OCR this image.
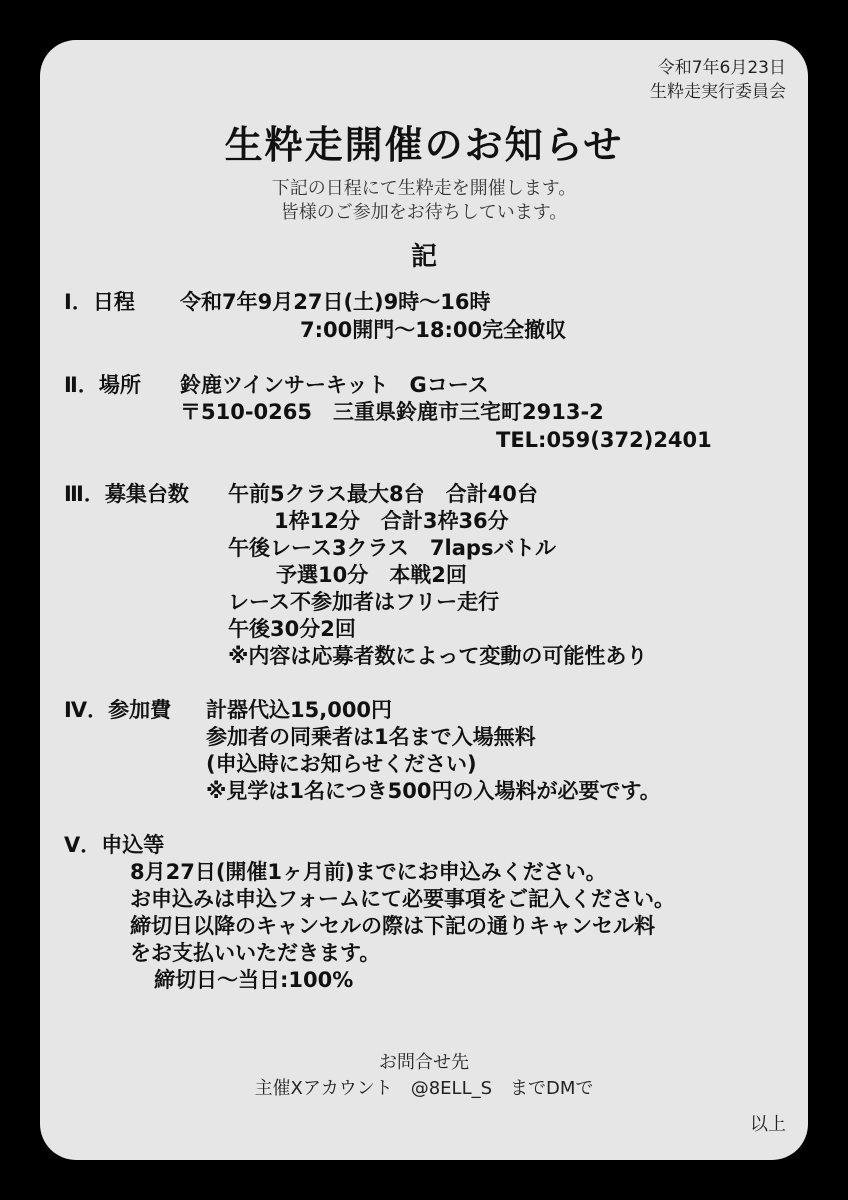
令和7年6月23日
生粋走実行委員会
生粋走開催のお知らせ
下記の日程にて生粋走を開催します。
皆様のご参加をお待ちしています。
記
Ⅰ．日程 令和7年9月27日(土)9時～16時
7:00開門～18:00完全撤収
Ⅱ．場所 鈴鹿ツインサーキット　Gコース
〒510-0265　三重県鈴鹿市三宅町2913-2
TEL:059(372)2401
Ⅲ．募集台数 午前5クラス最大8台　合計40台
1枠12分　合計3枠36分
午後レース3クラス　7lapsバトル
予選10分　本戦2回
レース不参加者はフリー走行
午後30分2回
※内容は応募者数によって変動の可能性あり
Ⅳ．参加費 計器代込15,000円
参加者の同乗者は1名まで入場無料
(申込時にお知らせください)
※見学は1名につき500円の入場料が必要です。
Ⅴ．申込等
8月27日(開催1ヶ月前)までにお申込みください。
お申込みは申込フォームにて必要事項をご記入ください。
締切日以降のキャンセルの際は下記の通りキャンセル料
をお支払いいただきます。
締切日～当日:100%
お問合せ先
主催Xアカウント　@8ELL_S　までDMで
以上
